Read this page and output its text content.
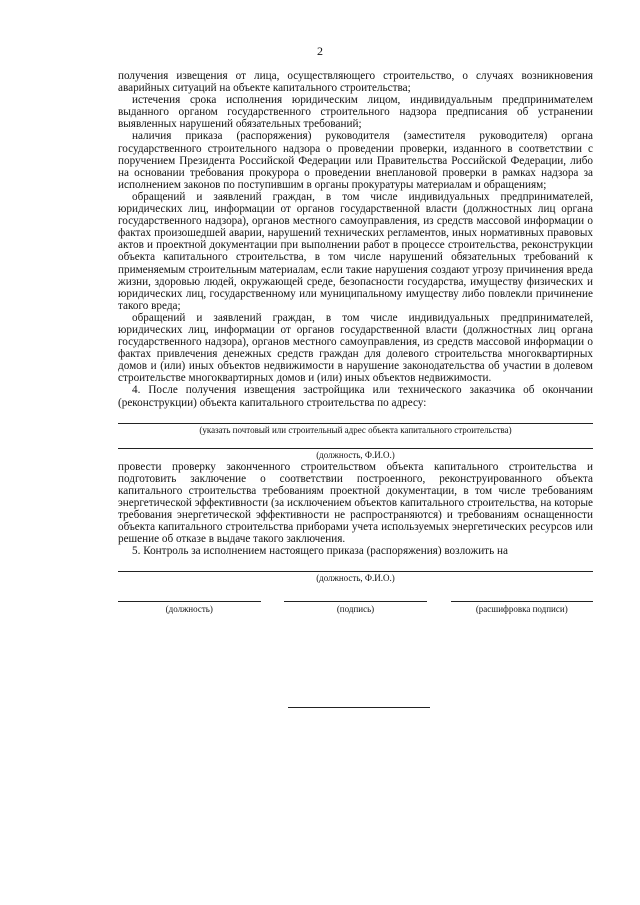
2

получения извещения от лица, осуществляющего строительство, о случаях возникновения аварийных ситуаций на объекте капитального строительства;

истечения срока исполнения юридическим лицом, индивидуальным предпринимателем выданного органом государственного строительного надзора предписания об устранении выявленных нарушений обязательных требований;

наличия приказа (распоряжения) руководителя (заместителя руководителя) органа государственного строительного надзора о проведении проверки, изданного в соответствии с поручением Президента Российской Федерации или Правительства Российской Федерации, либо на основании требования прокурора о проведении внеплановой проверки в рамках надзора за исполнением законов по поступившим в органы прокуратуры материалам и обращениям;

обращений и заявлений граждан, в том числе индивидуальных предпринимателей, юридических лиц, информации от органов государственной власти (должностных лиц органа государственного надзора), органов местного самоуправления, из средств массовой информации о фактах произошедшей аварии, нарушений технических регламентов, иных нормативных правовых актов и проектной документации при выполнении работ в процессе строительства, реконструкции объекта капитального строительства, в том числе нарушений обязательных требований к применяемым строительным материалам, если такие нарушения создают угрозу причинения вреда жизни, здоровью людей, окружающей среде, безопасности государства, имуществу физических и юридических лиц, государственному или муниципальному имуществу либо повлекли причинение такого вреда;

обращений и заявлений граждан, в том числе индивидуальных предпринимателей, юридических лиц, информации от органов государственной власти (должностных лиц органа государственного надзора), органов местного самоуправления, из средств массовой информации о фактах привлечения денежных средств граждан для долевого строительства многоквартирных домов и (или) иных объектов недвижимости в нарушение законодательства об участии в долевом строительстве многоквартирных домов и (или) иных объектов недвижимости.

4. После получения извещения застройщика или технического заказчика об окончании (реконструкции) объекта капитального строительства по адресу:

(указать почтовый или строительный адрес объекта капитального строительства)
(должность, Ф.И.О.)

провести проверку законченного строительством объекта капитального строительства и подготовить заключение о соответствии построенного, реконструированного объекта капитального строительства требованиям проектной документации, в том числе требованиям энергетической эффективности (за исключением объектов капитального строительства, на которые требования энергетической эффективности не распространяются) и требованиям оснащенности объекта капитального строительства приборами учета используемых энергетических ресурсов или решение об отказе в выдаче такого заключения.

5. Контроль за исполнением настоящего приказа (распоряжения) возложить на

(должность, Ф.И.О.)
(должность)	(подпись)	(расшифровка подписи)
